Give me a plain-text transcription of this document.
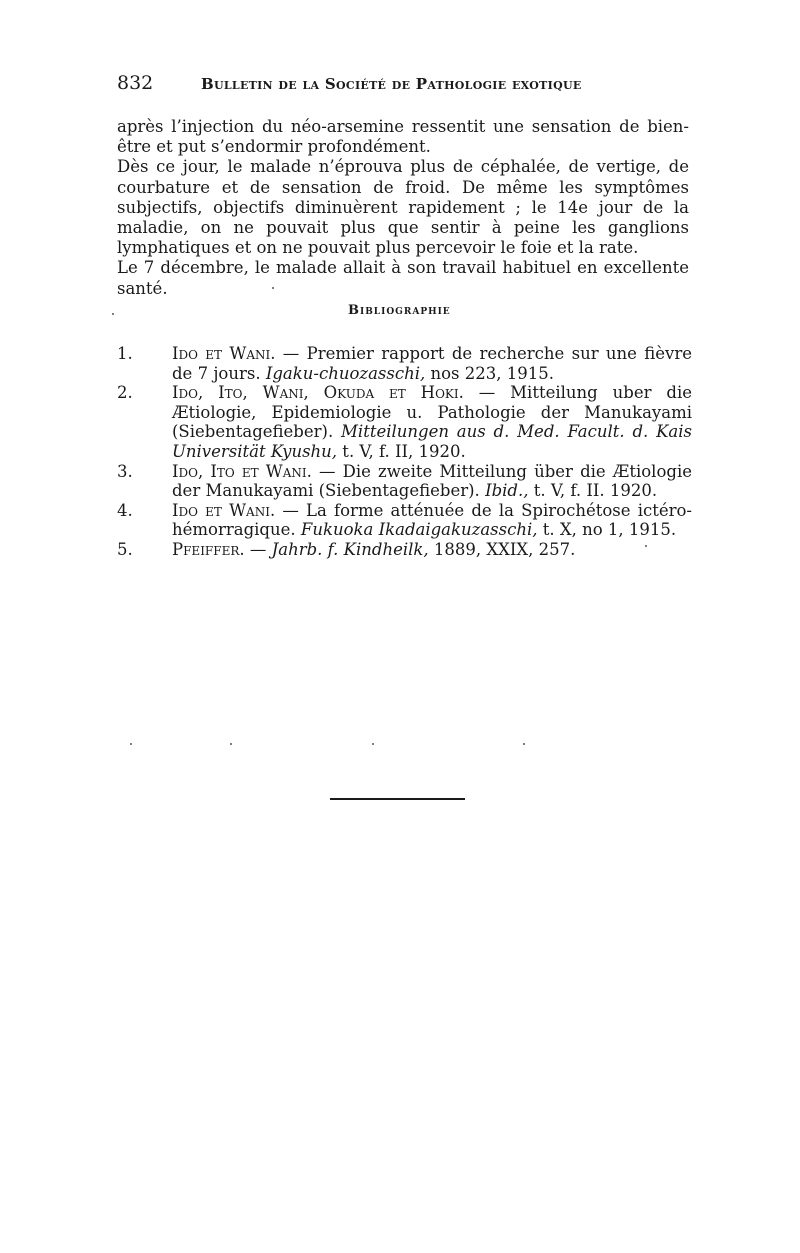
832	Bulletin de la Société de Pathologie exotique

après l’injection du néo-arsemine ressentit une sensation de bien-être et put s’endormir profondément.

Dès ce jour, le malade n’éprouva plus de céphalée, de vertige, de courbature et de sensation de froid. De même les symptômes subjectifs, objectifs diminuèrent rapidement ; le 14e jour de la maladie, on ne pouvait plus que sentir à peine les ganglions lymphatiques et on ne pouvait plus percevoir le foie et la rate.

Le 7 décembre, le malade allait à son travail habituel en excellente santé.

Bibliographie
1.	Ido et Wani. — Premier rapport de recherche sur une fièvre de 7 jours. Igaku-chuozasschi, nos 223, 1915.
2.	Ido, Ito, Wani, Okuda et Hoki. — Mitteilung uber die Ætiologie, Epidemiologie u. Pathologie der Manukayami (Siebentagefieber). Mitteilungen aus d. Med. Facult. d. Kais Universität Kyushu, t. V, f. II, 1920.
3.	Ido, Ito et Wani. — Die zweite Mitteilung über die Ætiologie der Manukayami (Siebentagefieber). Ibid., t. V, f. II. 1920.
4.	Ido et Wani. — La forme atténuée de la Spirochétose ictéro-hémorragique. Fukuoka Ikadaigakuzasschi, t. X, no 1, 1915.
5.	Pfeiffer. — Jahrb. f. Kindheilk, 1889, XXIX, 257.
